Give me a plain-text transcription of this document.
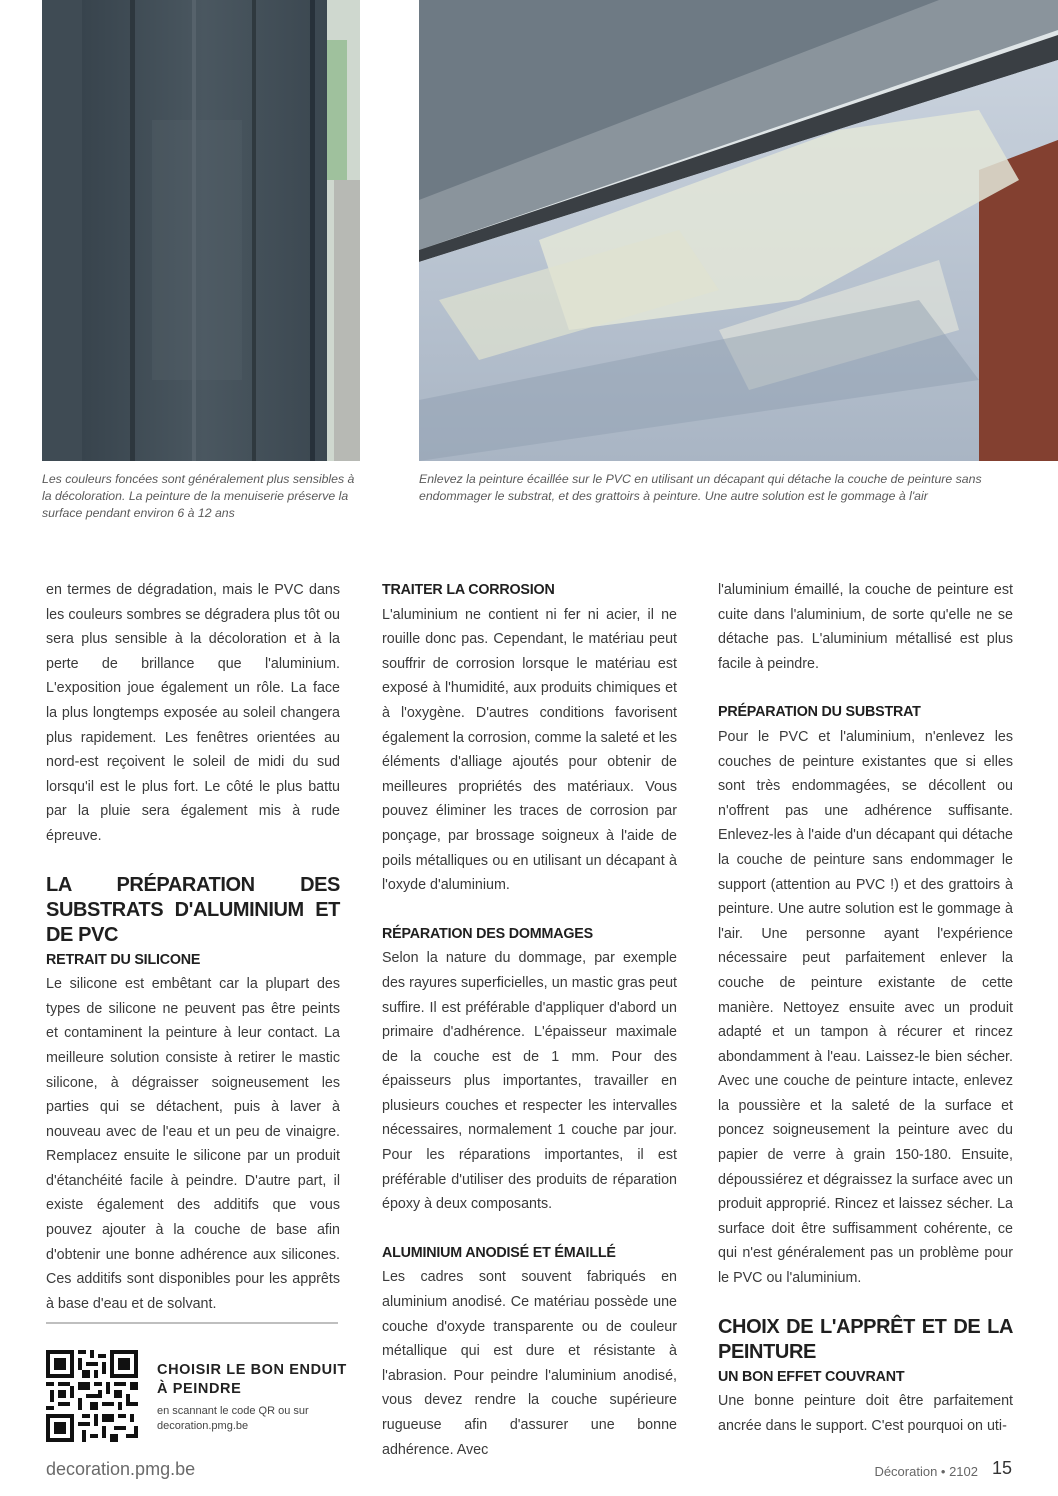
Les couleurs foncées sont généralement plus sensibles à la décoloration. La peinture de la menuiserie préserve la surface pendant environ 6 à 12 ans

Enlevez la peinture écaillée sur le PVC en utilisant un décapant qui détache la couche de peinture sans endommager le substrat, et des grattoirs à peinture. Une autre solution est le gommage à l'air

en termes de dégradation, mais le PVC dans les couleurs sombres se dégradera plus tôt ou sera plus sensible à la décoloration et à la perte de brillance que l'aluminium. L'exposition joue également un rôle. La face la plus longtemps exposée au soleil changera plus rapidement. Les fenêtres orientées au nord-est reçoivent le soleil de midi du sud lorsqu'il est le plus fort. Le côté le plus battu par la pluie sera également mis à rude épreuve.

LA PRÉPARATION DES SUBSTRATS D'ALUMINIUM ET DE PVC
RETRAIT DU SILICONE

Le silicone est embêtant car la plupart des types de silicone ne peuvent pas être peints et contaminent la peinture à leur contact. La meilleure solution consiste à retirer le mastic silicone, à dégraisser soigneusement les parties qui se détachent, puis à laver à nouveau avec de l'eau et un peu de vinaigre. Remplacez ensuite le silicone par un produit d'étanchéité facile à peindre. D'autre part, il existe également des additifs que vous pouvez ajouter à la couche de base afin d'obtenir une bonne adhérence aux silicones. Ces additifs sont disponibles pour les apprêts à base d'eau et de solvant.

TRAITER LA CORROSION

L'aluminium ne contient ni fer ni acier, il ne rouille donc pas. Cependant, le matériau peut souffrir de corrosion lorsque le matériau est exposé à l'humidité, aux produits chimiques et à l'oxygène. D'autres conditions favorisent également la corrosion, comme la saleté et les éléments d'alliage ajoutés pour obtenir de meilleures propriétés des matériaux. Vous pouvez éliminer les traces de corrosion par ponçage, par brossage soigneux à l'aide de poils métalliques ou en utilisant un décapant à l'oxyde d'aluminium.

RÉPARATION DES DOMMAGES

Selon la nature du dommage, par exemple des rayures superficielles, un mastic gras peut suffire. Il est préférable d'appliquer d'abord un primaire d'adhérence. L'épaisseur maximale de la couche est de 1 mm. Pour des épaisseurs plus importantes, travailler en plusieurs couches et respecter les intervalles nécessaires, normalement 1 couche par jour. Pour les réparations importantes, il est préférable d'utiliser des produits de réparation époxy à deux composants.

ALUMINIUM ANODISÉ ET ÉMAILLÉ

Les cadres sont souvent fabriqués en aluminium anodisé. Ce matériau possède une couche d'oxyde transparente ou de couleur métallique qui est dure et résistante à l'abrasion. Pour peindre l'aluminium anodisé, vous devez rendre la couche supérieure rugueuse afin d'assurer une bonne adhérence. Avec

l'aluminium émaillé, la couche de peinture est cuite dans l'aluminium, de sorte qu'elle ne se détache pas. L'aluminium métallisé est plus facile à peindre.

PRÉPARATION DU SUBSTRAT

Pour le PVC et l'aluminium, n'enlevez les couches de peinture existantes que si elles sont très endommagées, se décollent ou n'offrent pas une adhérence suffisante. Enlevez-les à l'aide d'un décapant qui détache la couche de peinture sans endommager le support (attention au PVC !) et des grattoirs à peinture. Une autre solution est le gommage à l'air. Une personne ayant l'expérience nécessaire peut parfaitement enlever la couche de peinture existante de cette manière. Nettoyez ensuite avec un produit adapté et un tampon à récurer et rincez abondamment à l'eau. Laissez-le bien sécher. Avec une couche de peinture intacte, enlevez la poussière et la saleté de la surface et poncez soigneusement la peinture avec du papier de verre à grain 150-180. Ensuite, dépoussiérez et dégraissez la surface avec un produit approprié. Rincez et laissez sécher. La surface doit être suffisamment cohérente, ce qui n'est généralement pas un problème pour le PVC ou l'aluminium.

CHOIX DE L'APPRÊT ET DE LA PEINTURE
UN BON EFFET COUVRANT

Une bonne peinture doit être parfaitement ancrée dans le support. C'est pourquoi on uti-

CHOISIR LE BON ENDUIT À PEINDRE

en scannant le code QR ou sur decoration.pmg.be

decoration.pmg.be	Décoration • 2102 15
